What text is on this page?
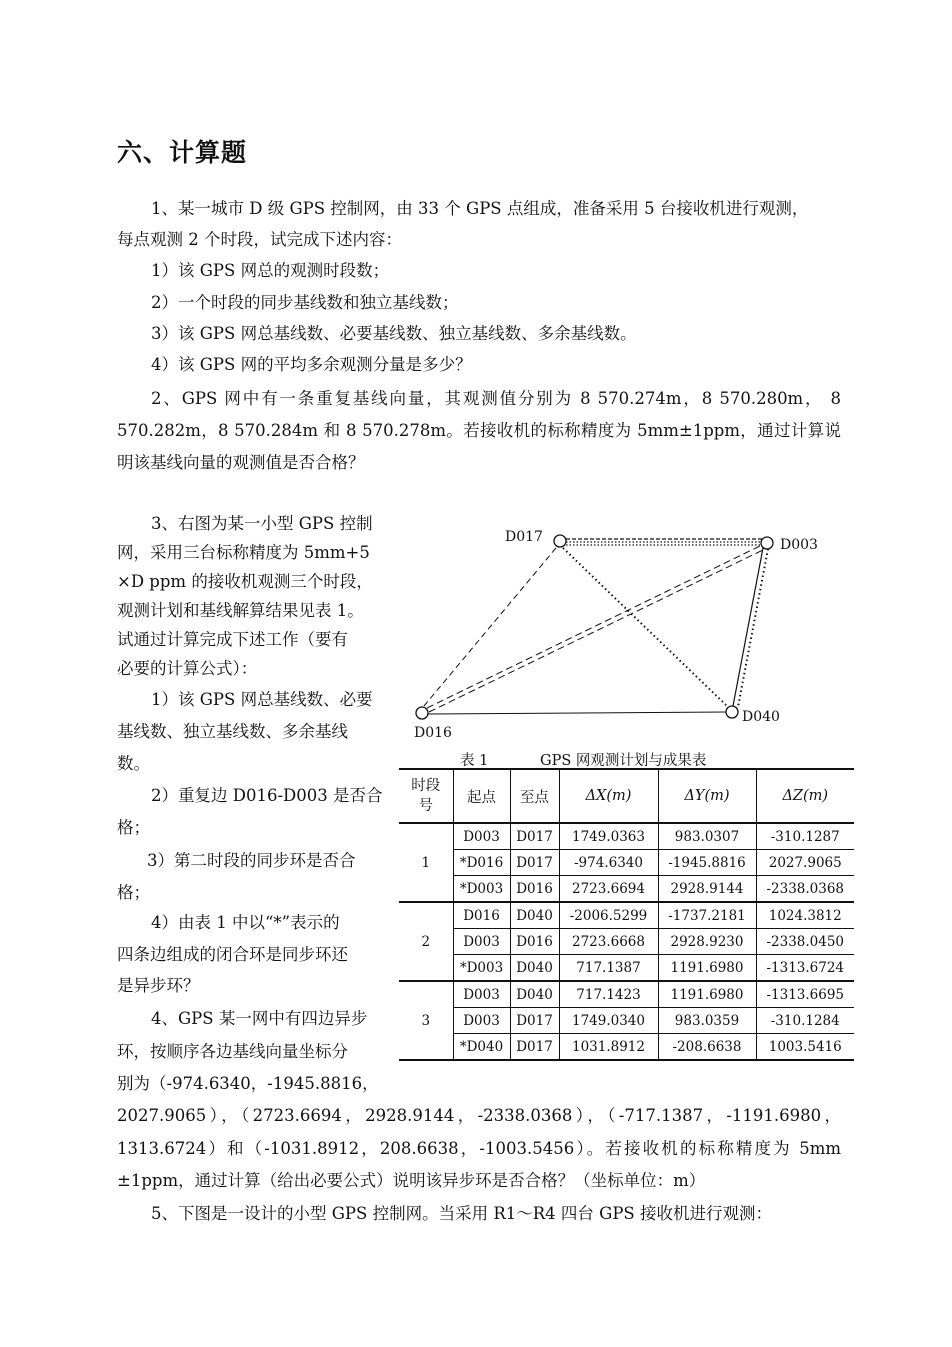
六、计算题
1、某一城市 D 级 GPS 控制网，由 33 个 GPS 点组成，准备采用 5 台接收机进行观测，
每点观测 2 个时段，试完成下述内容：
1）该 GPS 网总的观测时段数；
2）一个时段的同步基线数和独立基线数；
3）该 GPS 网总基线数、必要基线数、独立基线数、多余基线数。
4）该 GPS 网的平均多余观测分量是多少？
2、GPS 网中有一条重复基线向量，其观测值分别为 8 570.274m，8 570.280m， 8
570.282m，8 570.284m 和 8 570.278m。若接收机的标称精度为 5mm±1ppm，通过计算说
明该基线向量的观测值是否合格？
3、右图为某一小型 GPS 控制
网，采用三台标称精度为 5mm+5
×D ppm 的接收机观测三个时段，
观测计划和基线解算结果见表 1。
试通过计算完成下述工作（要有
必要的计算公式）：
1）该 GPS 网总基线数、必要
基线数、独立基线数、多余基线
数。
2）重复边 D016-D003 是否合
格；
3）第二时段的同步环是否合
格；
4）由表 1 中以“*”表示的
四条边组成的闭合环是同步环还
是异步环？
4、GPS 某一网中有四边异步
环，按顺序各边基线向量坐标分
别为（-974.6340，-1945.8816，
2027.9065），（2723.6694，2928.9144，-2338.0368），（-717.1387，-1191.6980，
1313.6724）和（-1031.8912，208.6638，-1003.5456）。若接收机的标称精度为 5mm
±1ppm，通过计算（给出必要公式）说明该异步环是否合格？（坐标单位：m）
5、下图是一设计的小型 GPS 控制网。当采用 R1～R4 四台 GPS 接收机进行观测：
D017	D003
D016
D040
表 1	GPS 网观测计划与成果表
时段号	起点	至点	ΔX(m)	ΔY(m)	ΔZ(m)
1	D003	D017	1749.0363	983.0307	-310.1287
	*D016	D017	-974.6340	-1945.8816	2027.9065
	*D003	D016	2723.6694	2928.9144	-2338.0368
2	D016	D040	-2006.5299	-1737.2181	1024.3812
	D003	D016	2723.6668	2928.9230	-2338.0450
	*D003	D040	717.1387	1191.6980	-1313.6724
3	D003	D040	717.1423	1191.6980	-1313.6695
	D003	D017	1749.0340	983.0359	-310.1284
	*D040	D017	1031.8912	-208.6638	1003.5416
